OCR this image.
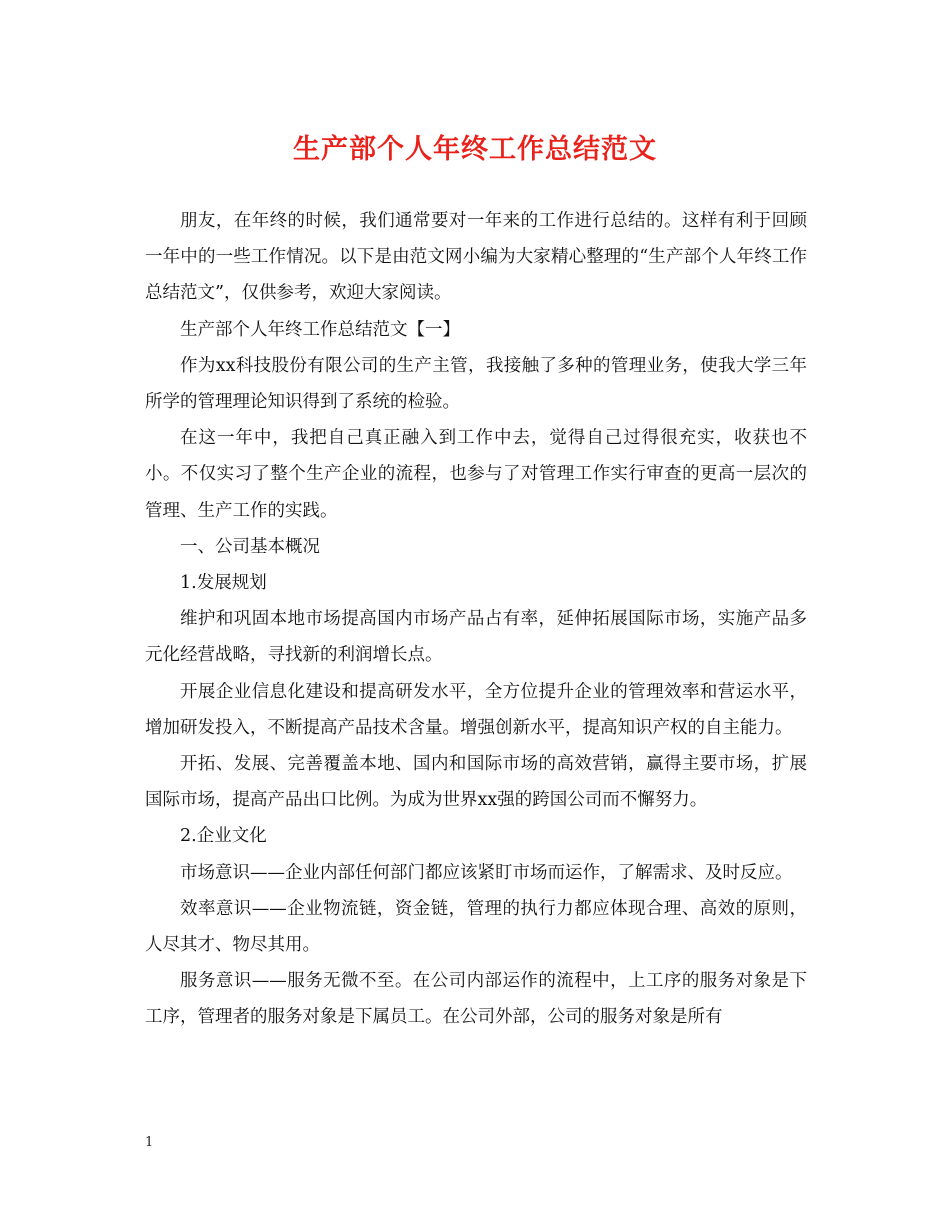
生产部个人年终工作总结范文

朋友，在年终的时候，我们通常要对一年来的工作进行总结的。这样有利于回顾一年中的一些工作情况。以下是由范文网小编为大家精心整理的“生产部个人年终工作总结范文”，仅供参考，欢迎大家阅读。

生产部个人年终工作总结范文【一】

作为xx科技股份有限公司的生产主管，我接触了多种的管理业务，使我大学三年所学的管理理论知识得到了系统的检验。

在这一年中，我把自己真正融入到工作中去，觉得自己过得很充实，收获也不小。不仅实习了整个生产企业的流程，也参与了对管理工作实行审查的更高一层次的管理、生产工作的实践。

一、公司基本概况

1.发展规划

维护和巩固本地市场提高国内市场产品占有率，延伸拓展国际市场，实施产品多元化经营战略，寻找新的利润增长点。

开展企业信息化建设和提高研发水平，全方位提升企业的管理效率和营运水平，增加研发投入，不断提高产品技术含量。增强创新水平，提高知识产权的自主能力。

开拓、发展、完善覆盖本地、国内和国际市场的高效营销，赢得主要市场，扩展国际市场，提高产品出口比例。为成为世界xx强的跨国公司而不懈努力。

2.企业文化

市场意识——企业内部任何部门都应该紧盯市场而运作，了解需求、及时反应。

效率意识——企业物流链，资金链，管理的执行力都应体现合理、高效的原则，人尽其才、物尽其用。

服务意识——服务无微不至。在公司内部运作的流程中，上工序的服务对象是下工序，管理者的服务对象是下属员工。在公司外部，公司的服务对象是所有

1
